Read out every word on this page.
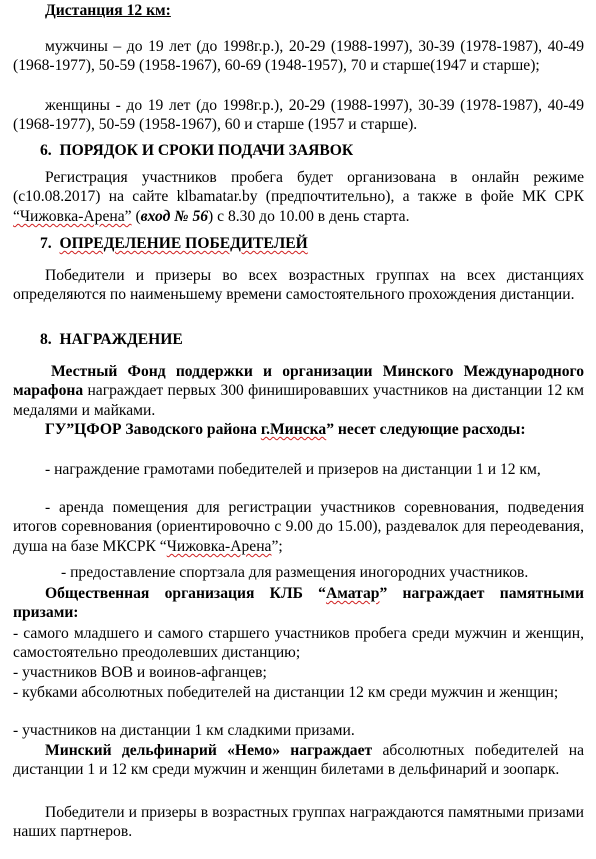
Дистанция 12 км:

мужчины – до 19 лет (до 1998г.р.), 20-29 (1988-1997), 30-39 (1978-1987), 40-49 (1968-1977), 50-59 (1958-1967), 60-69 (1948-1957), 70 и старше(1947 и старше);

женщины - до 19 лет (до 1998г.р.), 20-29 (1988-1997), 30-39 (1978-1987), 40-49 (1968-1977), 50-59 (1958-1967), 60 и старше (1957 и старше).

6. ПОРЯДОК И СРОКИ ПОДАЧИ ЗАЯВОК

Регистрация участников пробега будет организована в онлайн режиме (с10.08.2017) на сайте klbamatar.by (предпочтительно), а также в фойе МК СРК “Чижовка-Арена” (вход № 56) с 8.30 до 10.00 в день старта.

7. ОПРЕДЕЛЕНИЕ ПОБЕДИТЕЛЕЙ

Победители и призеры во всех возрастных группах на всех дистанциях определяются по наименьшему времени самостоятельного прохождения дистанции.

8. НАГРАЖДЕНИЕ

Местный Фонд поддержки и организации Минского Международного марафона награждает первых 300 финишировавших участников на дистанции 12 км медалями и майками.

ГУ”ЦФОР Заводского района г.Минска” несет следующие расходы:

- награждение грамотами победителей и призеров на дистанции 1 и 12 км,

- аренда помещения для регистрации участников соревнования, подведения итогов соревнования (ориентировочно с 9.00 до 15.00), раздевалок для переодевания, душа на базе МКСРК “Чижовка-Арена”;

- предоставление спортзала для размещения иногородних участников.

Общественная организация КЛБ “Аматар” награждает памятными призами:

- самого младшего и самого старшего участников пробега среди мужчин и женщин, самостоятельно преодолевших дистанцию;

- участников ВОВ и воинов-афганцев;

- кубками абсолютных победителей на дистанции 12 км среди мужчин и женщин;

- участников на дистанции 1 км сладкими призами.

Минский дельфинарий «Немо» награждает абсолютных победителей на дистанции 1 и 12 км среди мужчин и женщин билетами в дельфинарий и зоопарк.

Победители и призеры в возрастных группах награждаются памятными призами наших партнеров.
